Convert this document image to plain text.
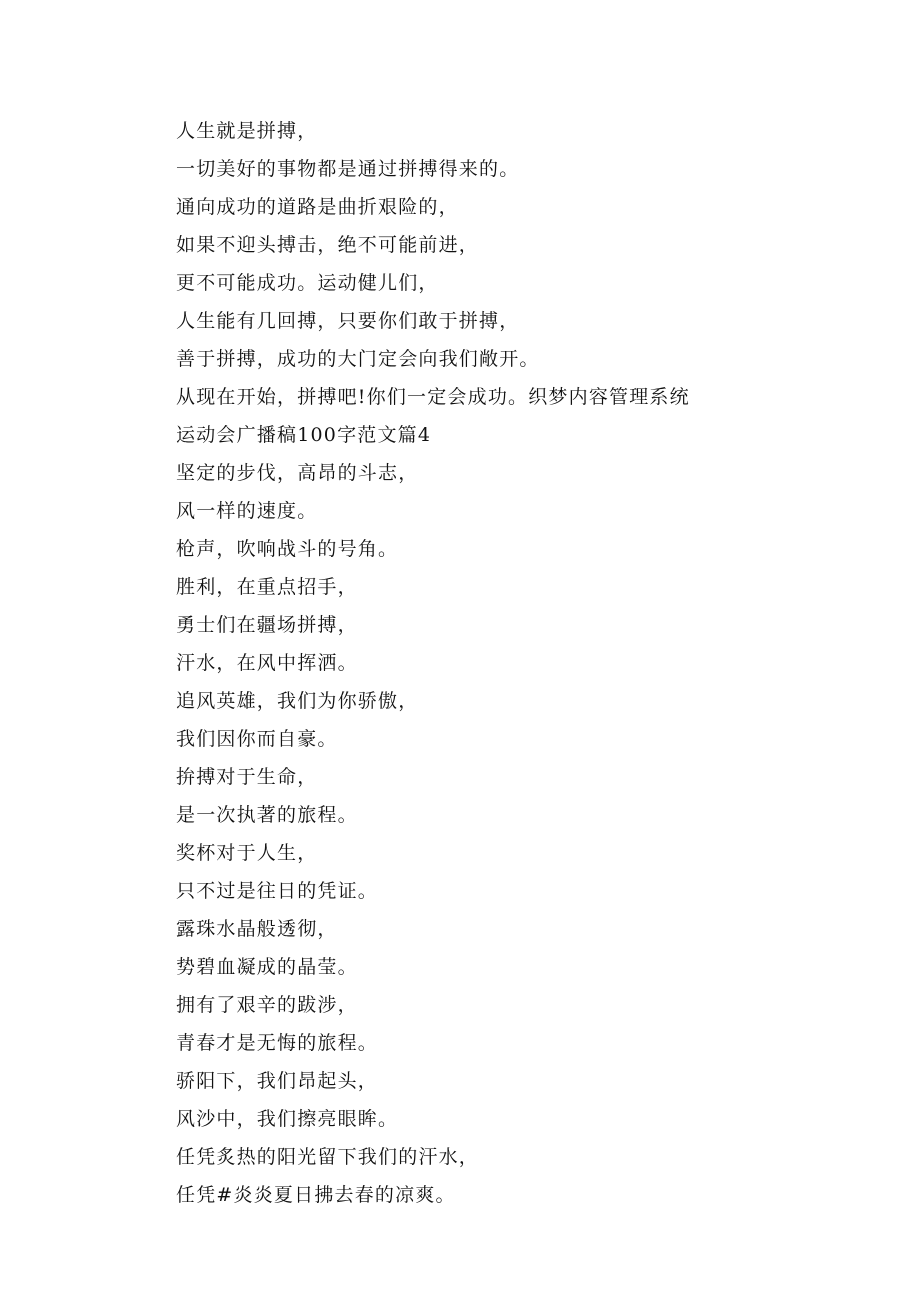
人生就是拼搏，
一切美好的事物都是通过拼搏得来的。
通向成功的道路是曲折艰险的，
如果不迎头搏击，绝不可能前进，
更不可能成功。运动健儿们，
人生能有几回搏，只要你们敢于拼搏，
善于拼搏，成功的大门定会向我们敞开。
从现在开始，拼搏吧!你们一定会成功。织梦内容管理系统
运动会广播稿100字范文篇4
坚定的步伐，高昂的斗志，
风一样的速度。
枪声，吹响战斗的号角。
胜利，在重点招手，
勇士们在疆场拼搏，
汗水，在风中挥洒。
追风英雄，我们为你骄傲，
我们因你而自豪。
拚搏对于生命，
是一次执著的旅程。
奖杯对于人生，
只不过是往日的凭证。
露珠水晶般透彻，
势碧血凝成的晶莹。
拥有了艰辛的跋涉，
青春才是无悔的旅程。
骄阳下，我们昂起头，
风沙中，我们擦亮眼眸。
任凭炙热的阳光留下我们的汗水，
任凭#炎炎夏日拂去春的凉爽。
